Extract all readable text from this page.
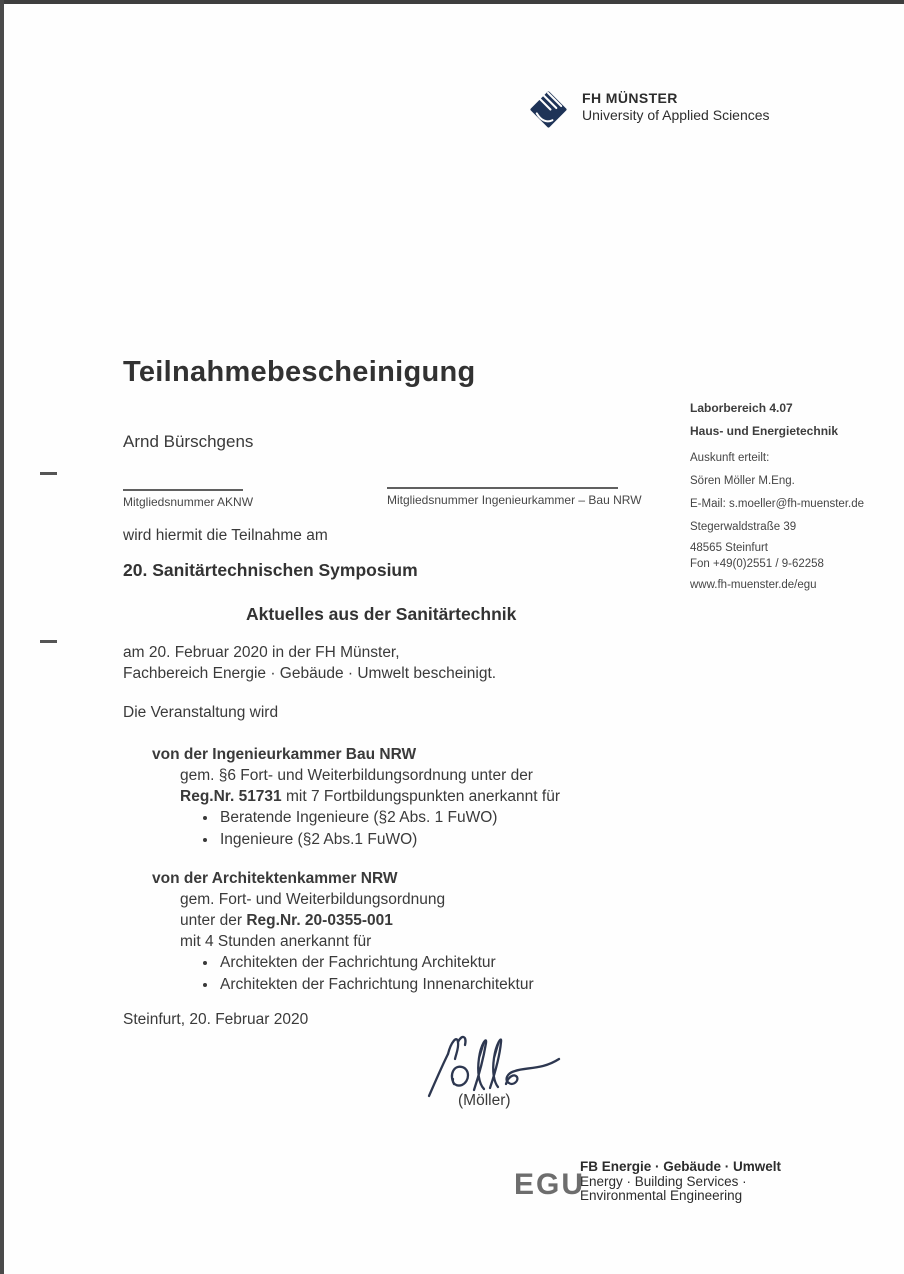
FH MÜNSTER
University of Applied Sciences
Teilnahmebescheinigung
Arnd Bürschgens
Mitgliedsnummer AKNW	Mitgliedsnummer Ingenieurkammer – Bau NRW
wird hiermit die Teilnahme am
20. Sanitärtechnischen Symposium
Aktuelles aus der Sanitärtechnik
am 20. Februar 2020 in der FH Münster,
Fachbereich Energie · Gebäude · Umwelt bescheinigt.
Die Veranstaltung wird
von der Ingenieurkammer Bau NRW
gem. §6 Fort- und Weiterbildungsordnung unter der
Reg.Nr. 51731 mit 7 Fortbildungspunkten anerkannt für
• Beratende Ingenieure (§2 Abs. 1 FuWO)
• Ingenieure (§2 Abs.1 FuWO)
von der Architektenkammer NRW
gem. Fort- und Weiterbildungsordnung
unter der Reg.Nr. 20-0355-001
mit 4 Stunden anerkannt für
• Architekten der Fachrichtung Architektur
• Architekten der Fachrichtung Innenarchitektur
Steinfurt, 20. Februar 2020
(Möller)
Laborbereich 4.07
Haus- und Energietechnik
Auskunft erteilt:
Sören Möller M.Eng.
E-Mail: s.moeller@fh-muenster.de
Stegerwaldstraße 39
48565 Steinfurt
Fon +49(0)2551 / 9-62258
www.fh-muenster.de/egu
EGU
FB Energie · Gebäude · Umwelt
Energy · Building Services ·
Environmental Engineering
